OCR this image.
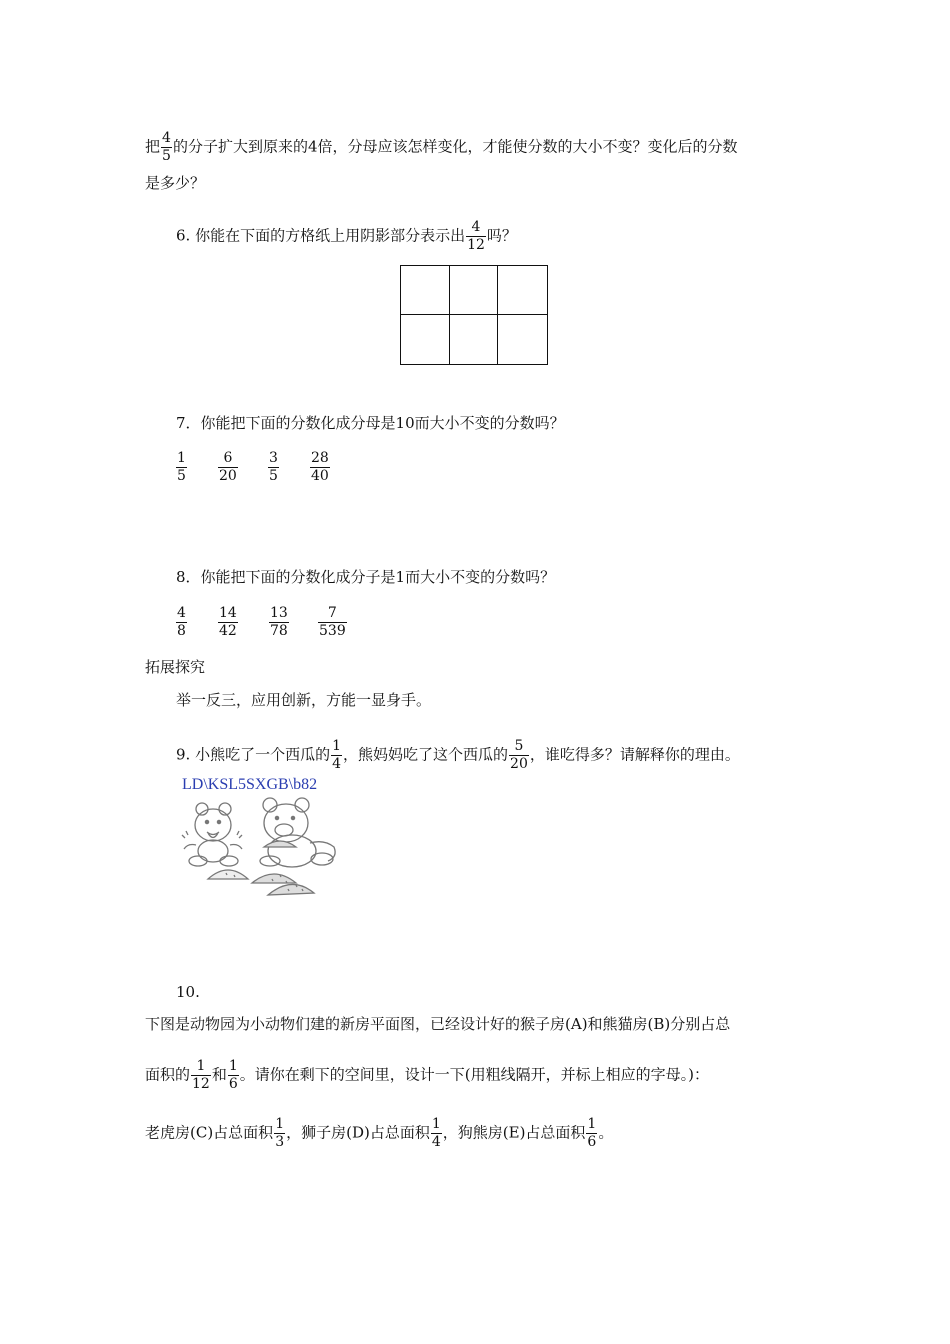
把 $\frac{4}{5}$ 的分子扩大到原来的4倍，分母应该怎样变化，才能使分数的大小不变？变化后的分数
是多少？
6. 你能在下面的方格纸上用阴影部分表示出 $\frac{4}{12}$ 吗？
7．你能把下面的分数化成分母是10而大小不变的分数吗？
$\frac{1}{5} \frac{6}{20} \frac{3}{5} \frac{28}{40}$
8．你能把下面的分数化成分子是1而大小不变的分数吗？
$\frac{4}{8} \frac{14}{42} \frac{13}{78} \frac{7}{539}$
拓展探究
举一反三，应用创新，方能一显身手。
9. 小熊吃了一个西瓜的 $\frac{1}{4}$ ，熊妈妈吃了这个西瓜的 $\frac{5}{20}$ ，谁吃得多？请解释你的理由。
LD\KSL5SXGB\b82
10.
下图是动物园为小动物们建的新房平面图，已经设计好的猴子房(A)和熊猫房(B)分别占总
面积的 $\frac{1}{12}$ 和 $\frac{1}{6}$ 。请你在剩下的空间里，设计一下(用粗线隔开，并标上相应的字母。)：
老虎房(C)占总面积 $\frac{1}{3}$ ，狮子房(D)占总面积 $\frac{1}{4}$ ，狗熊房(E)占总面积 $\frac{1}{6}$ 。
